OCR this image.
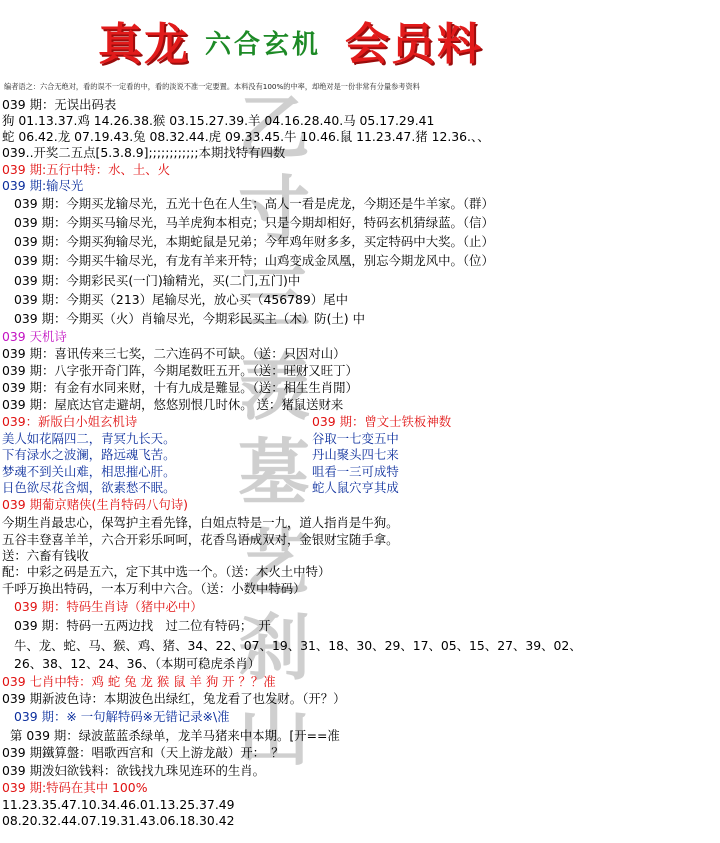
真龙 六合玄机 会员料
编者语之：六合无绝对，看的误不一定看的中，看的淡说不准一定要置。本料没有100%的中率，却绝对是一份非常有分量参考资料
乙
寸
三
羡
墓
艺
刹
山
039 期：无误出码表
狗 01.13.37.鸡 14.26.38.猴 03.15.27.39.羊 04.16.28.40.马 05.17.29.41
蛇 06.42.龙 07.19.43.兔 08.32.44.虎 09.33.45.牛 10.46.鼠 11.23.47.猪 12.36.、、
039..开奖二五点[5.3.8.9];;;;;;;;;;;;本期找特有四数
039 期:五行中特：水、土、火
039 期:输尽光
039 期：今期买龙输尽光，五光十色在人生；高人一看是虎龙，今期还是牛羊家。（群）
039 期：今期买马输尽光，马羊虎狗本相克；只是今期却相好，特码玄机猜绿蓝。（信）
039 期：今期买狗输尽光，本期蛇鼠是兄弟；今年鸡年财多多，买定特码中大奖。（止）
039 期：今期买牛输尽光，有龙有羊来开特；山鸡变成金凤凰，别忘今期龙风中。（位）
039 期：今期彩民买(一门)输精光，买(二门,五门)中
039 期：今期买（213）尾输尽光，放心买（456789）尾中
039 期：今期买（火）肖输尽光，今期彩民买主（木）防(土) 中
039 天机诗
039 期：喜讯传来三七奖，二六连码不可缺。（送：只因对山）
039 期：八字张开奇门阵，今期尾数旺五开。（送：旺财又旺丁）
039 期：有金有水同来财，十有九成是難显。（送：相生生肖閒）
039 期：屋底达官走避胡，悠悠别恨几时休。 送：猪鼠送财来
039：新版白小姐玄机诗	039 期：曾文士铁板神数
美人如花隔四二，青冥九长天。	谷取一七变五中
下有渌水之波澜，路远魂飞苦。	丹山聚头四七来
梦魂不到关山难，相思摧心肝。	咀看一三可成特
日色欲尽花含烟，欲素愁不眠。	蛇人鼠穴亨其成
039 期葡京赌侠(生肖特码八句诗)
今期生肖最忠心，保驾护主看先锋，白姐点特是一九，道人指肖是牛狗。
五谷丰登喜羊羊，六合开彩乐呵呵，花香鸟语成双对，金银财宝随手拿。
送：六畜有钱收
配：中彩之码是五六，定下其中选一个。（送：木火土中特）
千呼万换出特码，一本万利中六合。（送：小数中特码）
039 期：特码生肖诗（猪中必中）
039 期：特码一五两边找　过二位有特码；　开
牛、龙、蛇、马、猴、鸡、猪、34、22、07、19、31、18、30、29、17、05、15、27、39、02、
26、38、12、24、36、（本期可稳虎杀肖）
039 七肖中特：鸡 蛇 兔 龙 猴 鼠 羊 狗 开 ？？准
039 期新波色诗：本期波色出绿红，兔龙看了也发财。（开？）
039 期：※ 一句解特码※无错记录※\准
第 039 期：绿波蓝蓝杀绿单，龙羊马猪来中本期。[开==准
039 期鐵算盤：唱歌西宫和（天上游龙敲）开：　？
039 期泼妇欲钱料：欲钱找九珠见连环的生肖。
039 期:特码在其中 100%
11.23.35.47.10.34.46.01.13.25.37.49
08.20.32.44.07.19.31.43.06.18.30.42
